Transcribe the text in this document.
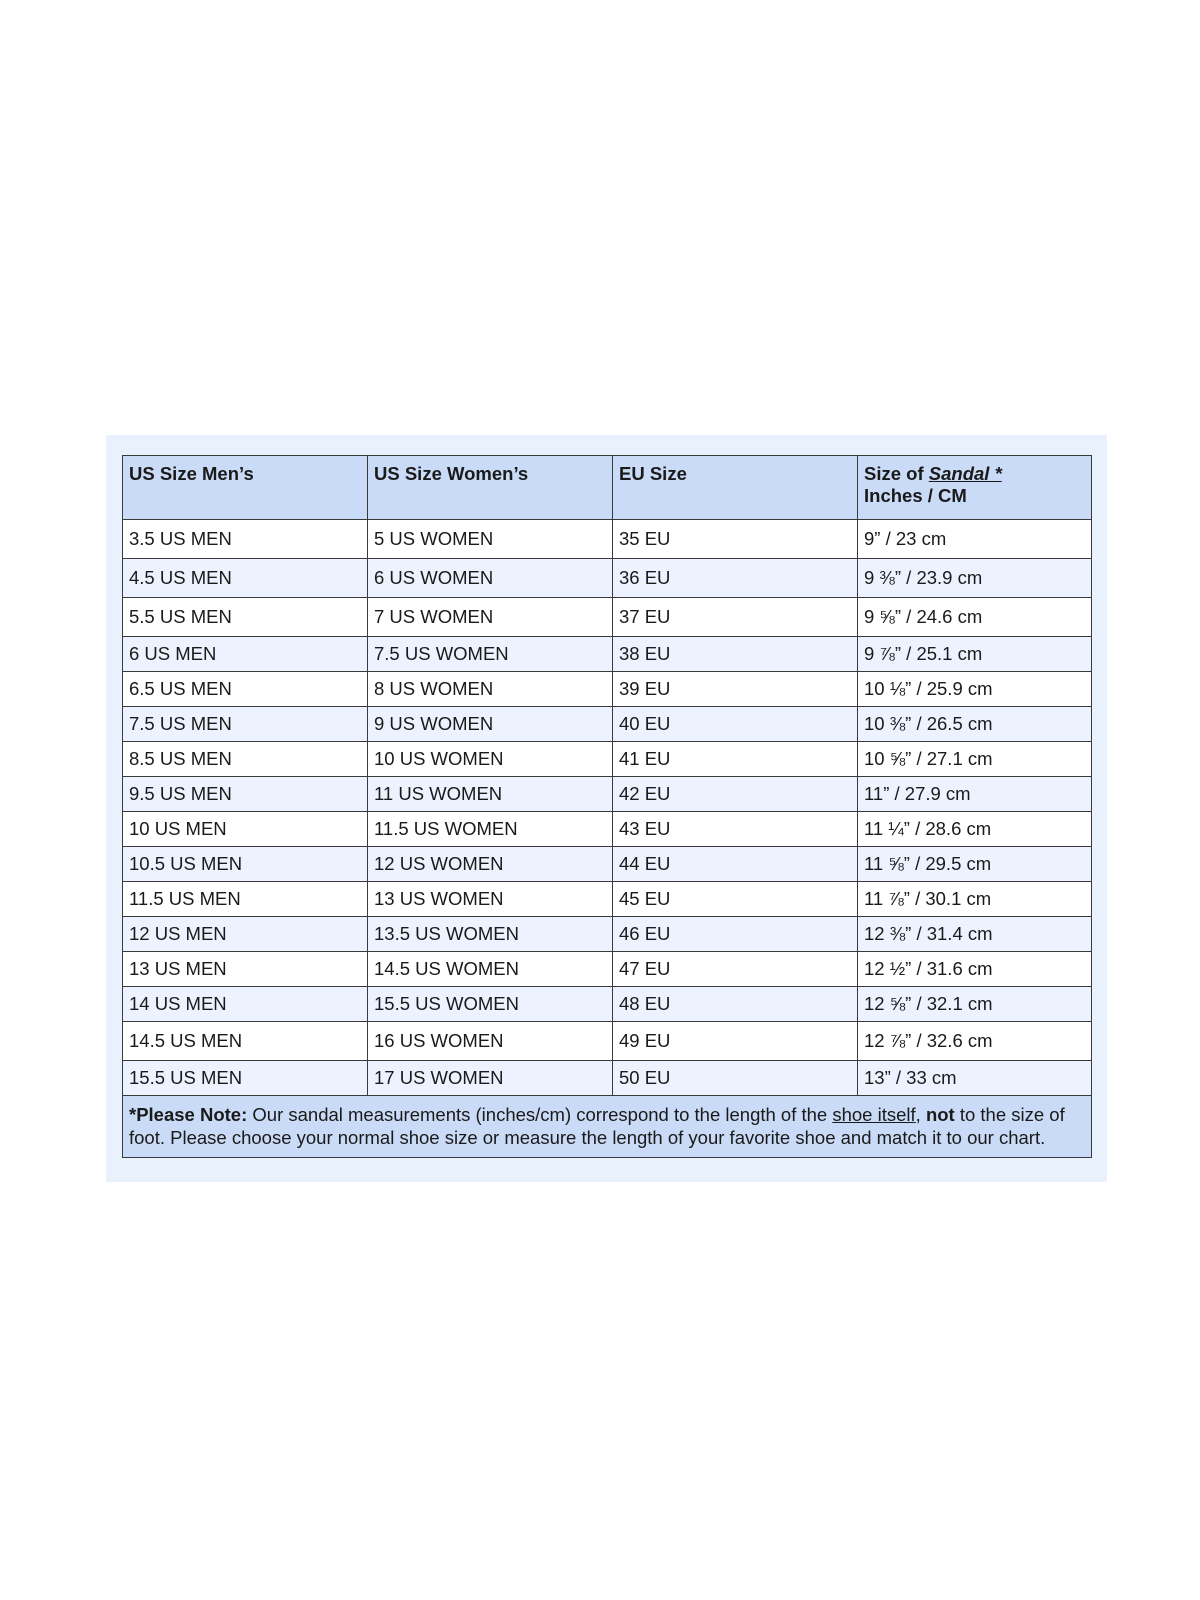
US Size Men’s	US Size Women’s	EU Size	Size of Sandal *
Inches / CM
3.5 US MEN	5 US WOMEN	35 EU	9” / 23 cm
4.5 US MEN	6 US WOMEN	36 EU	9 ⅜” / 23.9 cm
5.5 US MEN	7 US WOMEN	37 EU	9 ⅝” / 24.6 cm
6 US MEN	7.5 US WOMEN	38 EU	9 ⅞” / 25.1 cm
6.5 US MEN	8 US WOMEN	39 EU	10 ⅛” / 25.9 cm
7.5 US MEN	9 US WOMEN	40 EU	10 ⅜” / 26.5 cm
8.5 US MEN	10 US WOMEN	41 EU	10 ⅝” / 27.1 cm
9.5 US MEN	11 US WOMEN	42 EU	11” / 27.9 cm
10 US MEN	11.5 US WOMEN	43 EU	11 ¼” / 28.6 cm
10.5 US MEN	12 US WOMEN	44 EU	11 ⅝” / 29.5 cm
11.5 US MEN	13 US WOMEN	45 EU	11 ⅞” / 30.1 cm
12 US MEN	13.5 US WOMEN	46 EU	12 ⅜” / 31.4 cm
13 US MEN	14.5 US WOMEN	47 EU	12 ½” / 31.6 cm
14 US MEN	15.5 US WOMEN	48 EU	12 ⅝” / 32.1 cm
14.5 US MEN	16 US WOMEN	49 EU	12 ⅞” / 32.6 cm
15.5 US MEN	17 US WOMEN	50 EU	13” / 33 cm
*Please Note: Our sandal measurements (inches/cm) correspond to the length of the shoe itself, not to the size of foot. Please choose your normal shoe size or measure the length of your favorite shoe and match it to our chart.			
